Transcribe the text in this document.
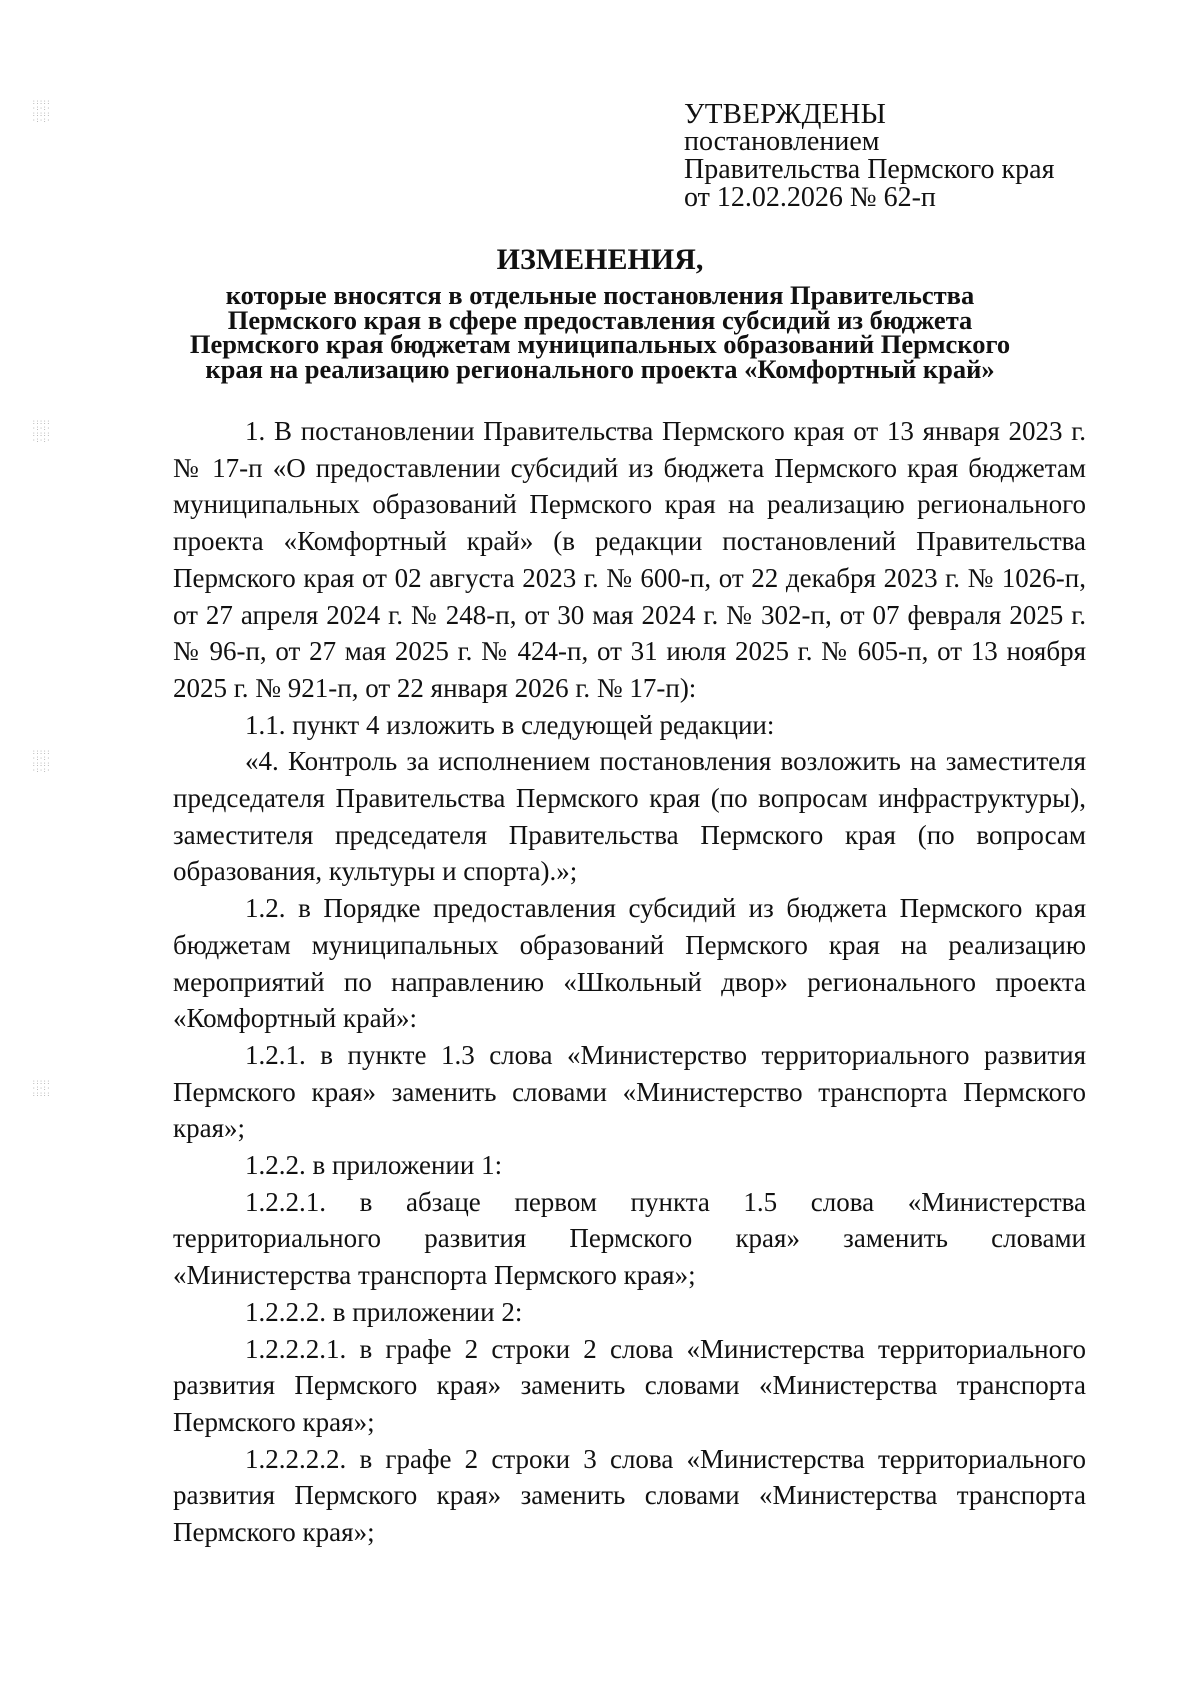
:::::
·:·:·
:::::
·:·:·
:::::
·:·:·
:::::
·:·:·
:::::
·:·:·
:::::
·:·:·
:::::
·:·:·
:::::
УТВЕРЖДЕНЫ
постановлением
Правительства Пермского края
от 12.02.2026 № 62-п
ИЗМЕНЕНИЯ,
которые вносятся в отдельные постановления Правительства
Пермского края в сфере предоставления субсидий из бюджета
Пермского края бюджетам муниципальных образований Пермского
края на реализацию регионального проекта «Комфортный край»

1. В постановлении Правительства Пермского края от 13 января 2023 г. № 17-п «О предоставлении субсидий из бюджета Пермского края бюджетам муниципальных образований Пермского края на реализацию регионального проекта «Комфортный край» (в редакции постановлений Правительства Пермского края от 02 августа 2023 г. № 600-п, от 22 декабря 2023 г. № 1026-п, от 27 апреля 2024 г. № 248-п, от 30 мая 2024 г. № 302-п, от 07 февраля 2025 г. № 96-п, от 27 мая 2025 г. № 424-п, от 31 июля 2025 г. № 605-п, от 13 ноября 2025 г. № 921-п, от 22 января 2026 г. № 17-п):

1.1. пункт 4 изложить в следующей редакции:

«4. Контроль за исполнением постановления возложить на заместителя председателя Правительства Пермского края (по вопросам инфраструктуры), заместителя председателя Правительства Пермского края (по вопросам образования, культуры и спорта).»;

1.2. в Порядке предоставления субсидий из бюджета Пермского края бюджетам муниципальных образований Пермского края на реализацию мероприятий по направлению «Школьный двор» регионального проекта «Комфортный край»:

1.2.1. в пункте 1.3 слова «Министерство территориального развития Пермского края» заменить словами «Министерство транспорта Пермского края»;

1.2.2. в приложении 1:

1.2.2.1. в абзаце первом пункта 1.5 слова «Министерства территориального развития Пермского края» заменить словами «Министерства транспорта Пермского края»;

1.2.2.2. в приложении 2:

1.2.2.2.1. в графе 2 строки 2 слова «Министерства территориального развития Пермского края» заменить словами «Министерства транспорта Пермского края»;

1.2.2.2.2. в графе 2 строки 3 слова «Министерства территориального развития Пермского края» заменить словами «Министерства транспорта Пермского края»;
